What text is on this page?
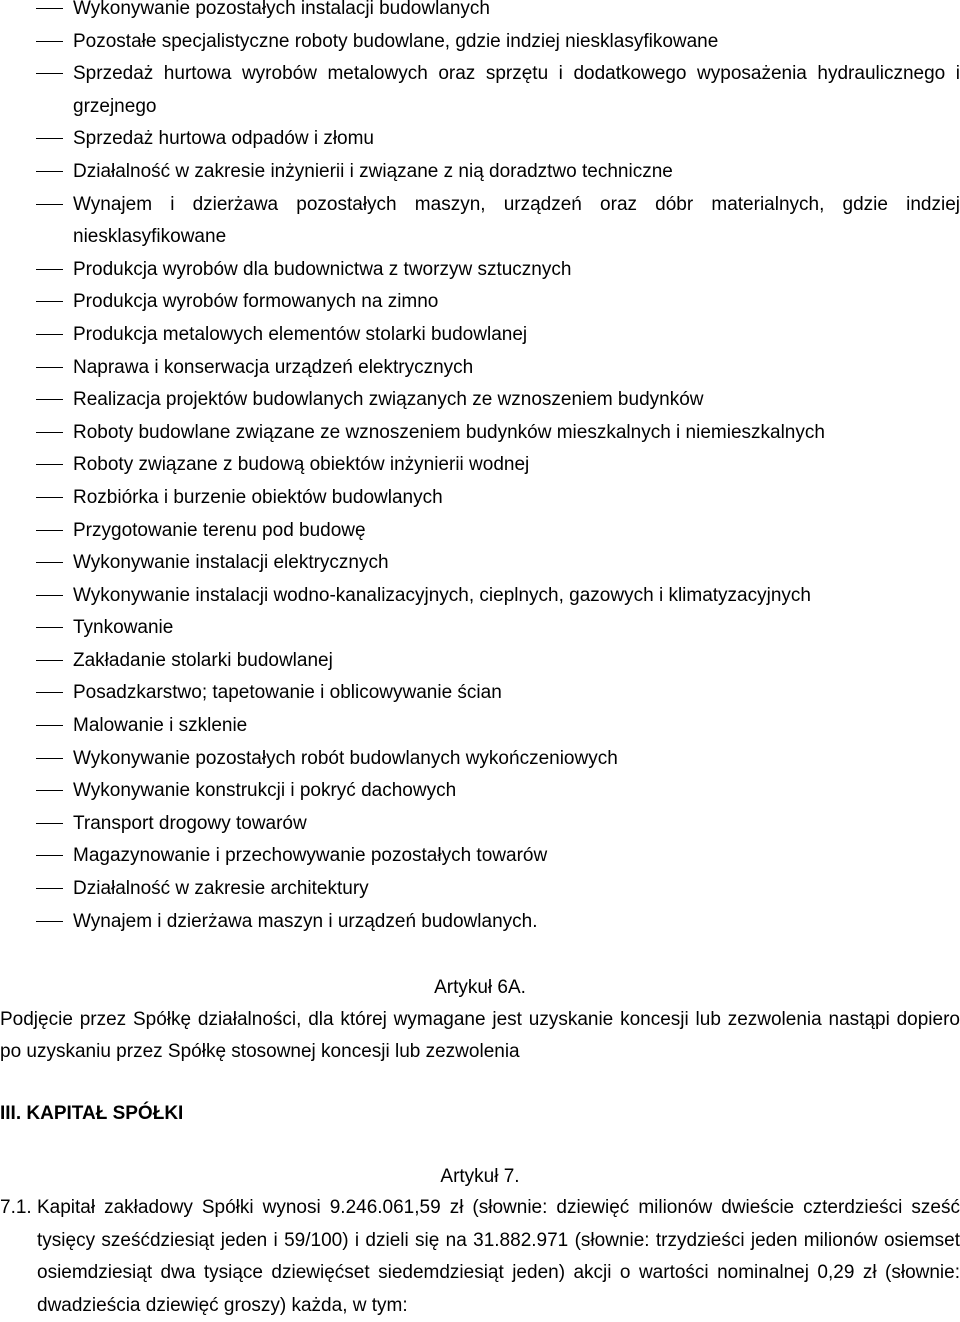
Wykonywanie pozostałych instalacji budowlanych
Pozostałe specjalistyczne roboty budowlane, gdzie indziej niesklasyfikowane
Sprzedaż hurtowa wyrobów metalowych oraz sprzętu i dodatkowego wyposażenia hydraulicznego i grzejnego
Sprzedaż hurtowa odpadów i złomu
Działalność w zakresie inżynierii i związane z nią doradztwo techniczne
Wynajem i dzierżawa pozostałych maszyn, urządzeń oraz dóbr materialnych, gdzie indziej niesklasyfikowane
Produkcja wyrobów dla budownictwa z tworzyw sztucznych
Produkcja wyrobów formowanych na zimno
Produkcja metalowych elementów stolarki budowlanej
Naprawa i konserwacja urządzeń elektrycznych
Realizacja projektów budowlanych związanych ze wznoszeniem budynków
Roboty budowlane związane ze wznoszeniem budynków mieszkalnych i niemieszkalnych
Roboty związane z budową obiektów inżynierii wodnej
Rozbiórka i burzenie obiektów budowlanych
Przygotowanie terenu pod budowę
Wykonywanie instalacji elektrycznych
Wykonywanie instalacji wodno-kanalizacyjnych, cieplnych, gazowych i klimatyzacyjnych
Tynkowanie
Zakładanie stolarki budowlanej
Posadzkarstwo; tapetowanie i oblicowywanie ścian
Malowanie i szklenie
Wykonywanie pozostałych robót budowlanych wykończeniowych
Wykonywanie konstrukcji i pokryć dachowych
Transport drogowy towarów
Magazynowanie i przechowywanie pozostałych towarów
Działalność w zakresie architektury
Wynajem i dzierżawa maszyn i urządzeń budowlanych.
Artykuł 6A.
Podjęcie przez Spółkę działalności, dla której wymagane jest uzyskanie koncesji lub zezwolenia nastąpi dopiero po uzyskaniu przez Spółkę stosownej koncesji lub zezwolenia
III. KAPITAŁ SPÓŁKI
Artykuł 7.
7.1. Kapitał zakładowy Spółki wynosi 9.246.061,59 zł (słownie: dziewięć milionów dwieście czterdzieści sześć tysięcy sześćdziesiąt jeden i 59/100) i dzieli się na 31.882.971 (słownie: trzydzieści jeden milionów osiemset osiemdziesiąt dwa tysiące dziewięćset siedemdziesiąt jeden) akcji o wartości nominalnej 0,29 zł (słownie: dwadzieścia dziewięć groszy) każda, w tym:
